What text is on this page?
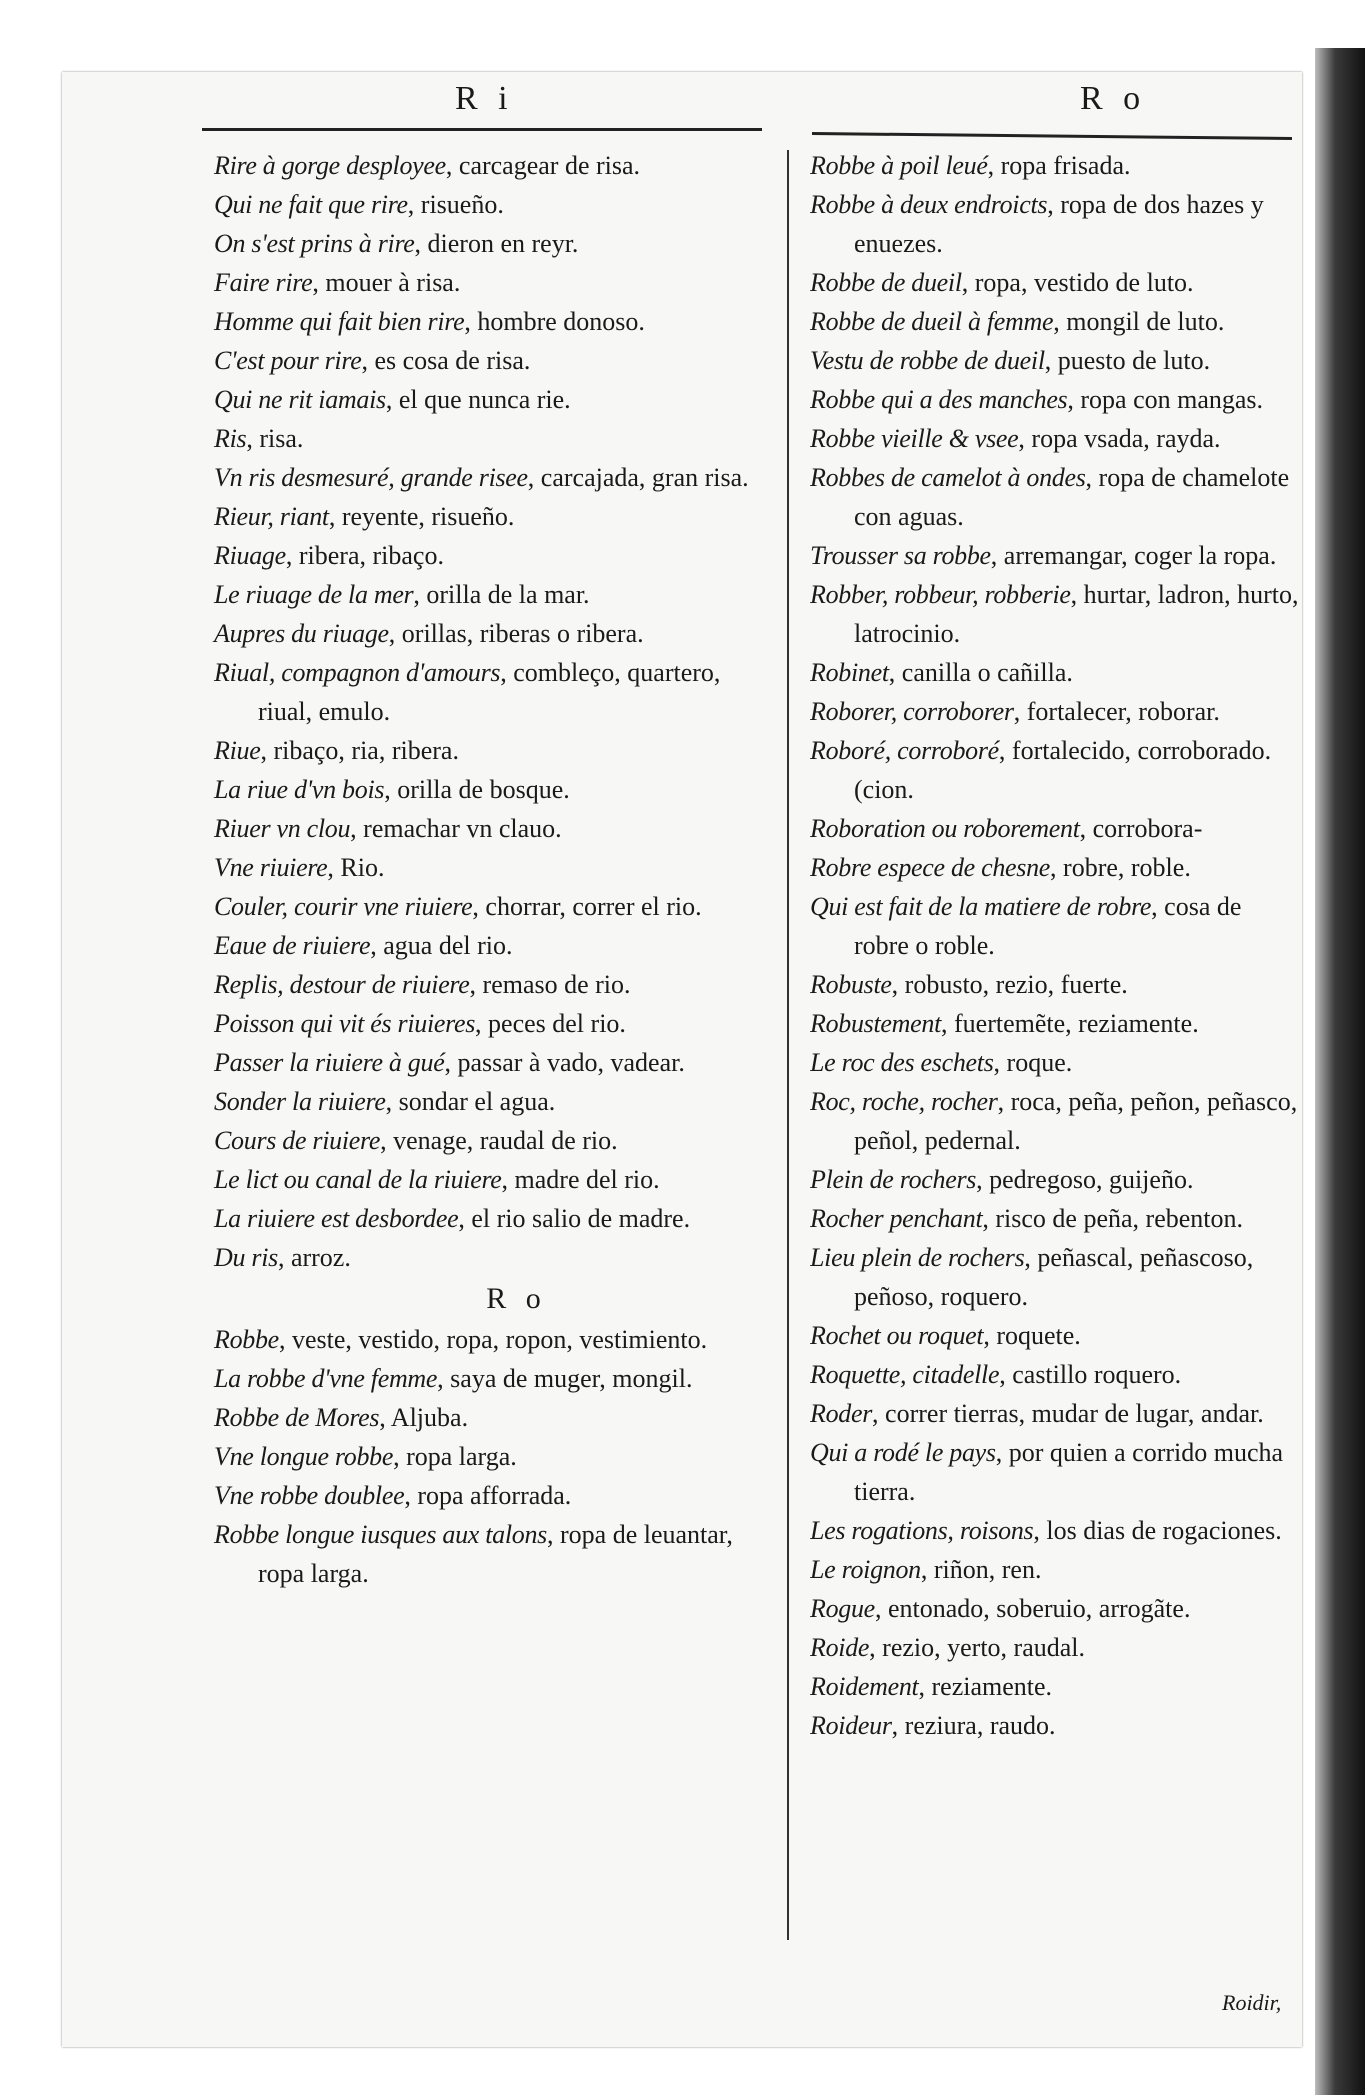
R i	R o

Rire à gorge desployee, carcagear de risa.

Qui ne fait que rire, risueño.

On s'est prins à rire, dieron en reyr.

Faire rire, mouer à risa.

Homme qui fait bien rire, hombre donoso.

C'est pour rire, es cosa de risa.

Qui ne rit iamais, el que nunca rie.

Ris, risa.

Vn ris desmesuré, grande risee, carcajada, gran risa.

Rieur, riant, reyente, risueño.

Riuage, ribera, ribaço.

Le riuage de la mer, orilla de la mar.

Aupres du riuage, orillas, riberas o ribera.

Riual, compagnon d'amours, combleço, quartero, riual, emulo.

Riue, ribaço, ria, ribera.

La riue d'vn bois, orilla de bosque.

Riuer vn clou, remachar vn clauo.

Vne riuiere, Rio.

Couler, courir vne riuiere, chorrar, correr el rio.

Eaue de riuiere, agua del rio.

Replis, destour de riuiere, remaso de rio.

Poisson qui vit és riuieres, peces del rio.

Passer la riuiere à gué, passar à vado, vadear.

Sonder la riuiere, sondar el agua.

Cours de riuiere, venage, raudal de rio.

Le lict ou canal de la riuiere, madre del rio.

La riuiere est desbordee, el rio salio de madre.

Du ris, arroz.

R o

Robbe, veste, vestido, ropa, ropon, vestimiento.

La robbe d'vne femme, saya de muger, mongil.

Robbe de Mores, Aljuba.

Vne longue robbe, ropa larga.

Vne robbe doublee, ropa afforrada.

Robbe longue iusques aux talons, ropa de leuantar, ropa larga.

Robbe à poil leué, ropa frisada.

Robbe à deux endroicts, ropa de dos hazes y enuezes.

Robbe de dueil, ropa, vestido de luto.

Robbe de dueil à femme, mongil de luto.

Vestu de robbe de dueil, puesto de luto.

Robbe qui a des manches, ropa con mangas.

Robbe vieille & vsee, ropa vsada, rayda.

Robbes de camelot à ondes, ropa de chamelote con aguas.

Trousser sa robbe, arremangar, coger la ropa.

Robber, robbeur, robberie, hurtar, ladron, hurto, latrocinio.

Robinet, canilla o cañilla.

Roborer, corroborer, fortalecer, roborar.

Roboré, corroboré, fortalecido, corroborado. (cion.

Roboration ou roborement, corrobora-

Robre espece de chesne, robre, roble.

Qui est fait de la matiere de robre, cosa de robre o roble.

Robuste, robusto, rezio, fuerte.

Robustement, fuertemẽte, reziamente.

Le roc des eschets, roque.

Roc, roche, rocher, roca, peña, peñon, peñasco, peñol, pedernal.

Plein de rochers, pedregoso, guijeño.

Rocher penchant, risco de peña, rebenton.

Lieu plein de rochers, peñascal, peñascoso, peñoso, roquero.

Rochet ou roquet, roquete.

Roquette, citadelle, castillo roquero.

Roder, correr tierras, mudar de lugar, andar.

Qui a rodé le pays, por quien a corrido mucha tierra.

Les rogations, roisons, los dias de rogaciones.

Le roignon, riñon, ren.

Rogue, entonado, soberuio, arrogãte.

Roide, rezio, yerto, raudal.

Roidement, reziamente.

Roideur, reziura, raudo.

Roidir,
